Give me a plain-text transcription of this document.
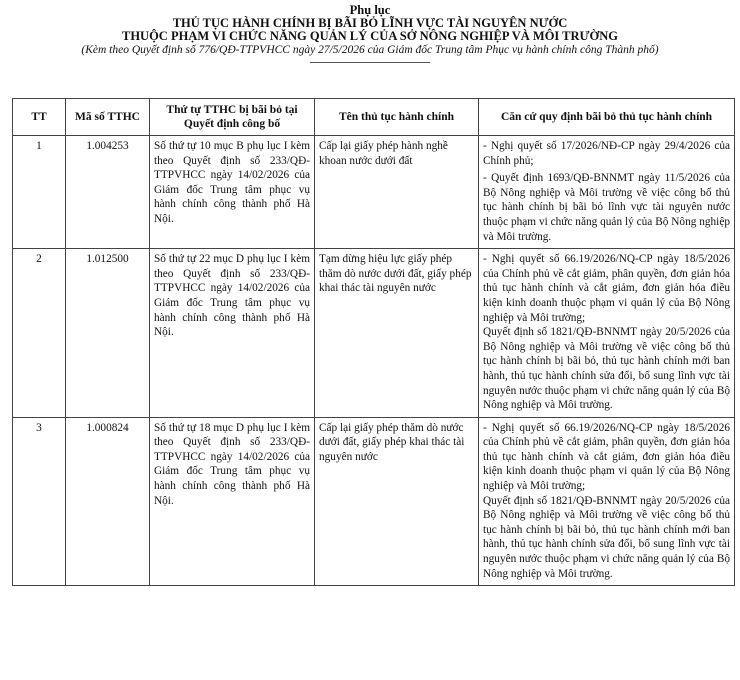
Phụ lục
THỦ TỤC HÀNH CHÍNH BỊ BÃI BỎ LĨNH VỰC TÀI NGUYÊN NƯỚC
THUỘC PHẠM VI CHỨC NĂNG QUẢN LÝ CỦA SỞ NÔNG NGHIỆP VÀ MÔI TRƯỜNG
(Kèm theo Quyết định số 776/QĐ-TTPVHCC ngày 27/5/2026 của Giám đốc Trung tâm Phục vụ hành chính công Thành phố)
TT	Mã số TTHC	Thứ tự TTHC bị bãi bỏ tại Quyết định công bố	Tên thủ tục hành chính	Căn cứ quy định bãi bỏ thủ tục hành chính
1	1.004253	Số thứ tự 10 mục B phụ lục I kèm theo Quyết định số 233/QĐ-TTPVHCC ngày 14/02/2026 của Giám đốc Trung tâm phục vụ hành chính công thành phố Hà Nội.	Cấp lại giấy phép hành nghề khoan nước dưới đất	- Nghị quyết số 17/2026/NĐ-CP ngày 29/4/2026 của Chính phủ;

- Quyết định 1693/QĐ-BNNMT ngày 11/5/2026 của Bộ Nông nghiệp và Môi trường về việc công bố thủ tục hành chính bị bãi bỏ lĩnh vực tài nguyên nước thuộc phạm vi chức năng quản lý của Bộ Nông nghiệp và Môi trường.

2	1.012500	Số thứ tự 22 mục D phụ lục I kèm theo Quyết định số 233/QĐ-TTPVHCC ngày 14/02/2026 của Giám đốc Trung tâm phục vụ hành chính công thành phố Hà Nội.	Tạm dừng hiệu lực giấy phép thăm dò nước dưới đất, giấy phép khai thác tài nguyên nước	- Nghị quyết số 66.19/2026/NQ-CP ngày 18/5/2026 của Chính phủ về cắt giảm, phân quyền, đơn giản hóa thủ tục hành chính và cắt giảm, đơn giản hóa điều kiện kinh doanh thuộc phạm vi quản lý của Bộ Nông nghiệp và Môi trường;

Quyết định số 1821/QĐ-BNNMT ngày 20/5/2026 của Bộ Nông nghiệp và Môi trường về việc công bố thủ tục hành chính bị bãi bỏ, thủ tục hành chính mới ban hành, thủ tục hành chính sửa đổi, bổ sung lĩnh vực tài nguyên nước thuộc phạm vi chức năng quản lý của Bộ Nông nghiệp và Môi trường.

3	1.000824	Số thứ tự 18 mục D phụ lục I kèm theo Quyết định số 233/QĐ-TTPVHCC ngày 14/02/2026 của Giám đốc Trung tâm phục vụ hành chính công thành phố Hà Nội.	Cấp lại giấy phép thăm dò nước dưới đất, giấy phép khai thác tài nguyên nước	- Nghị quyết số 66.19/2026/NQ-CP ngày 18/5/2026 của Chính phủ về cắt giảm, phân quyền, đơn giản hóa thủ tục hành chính và cắt giảm, đơn giản hóa điều kiện kinh doanh thuộc phạm vi quản lý của Bộ Nông nghiệp và Môi trường;

Quyết định số 1821/QĐ-BNNMT ngày 20/5/2026 của Bộ Nông nghiệp và Môi trường về việc công bố thủ tục hành chính bị bãi bỏ, thủ tục hành chính mới ban hành, thủ tục hành chính sửa đổi, bổ sung lĩnh vực tài nguyên nước thuộc phạm vi chức năng quản lý của Bộ Nông nghiệp và Môi trường.
